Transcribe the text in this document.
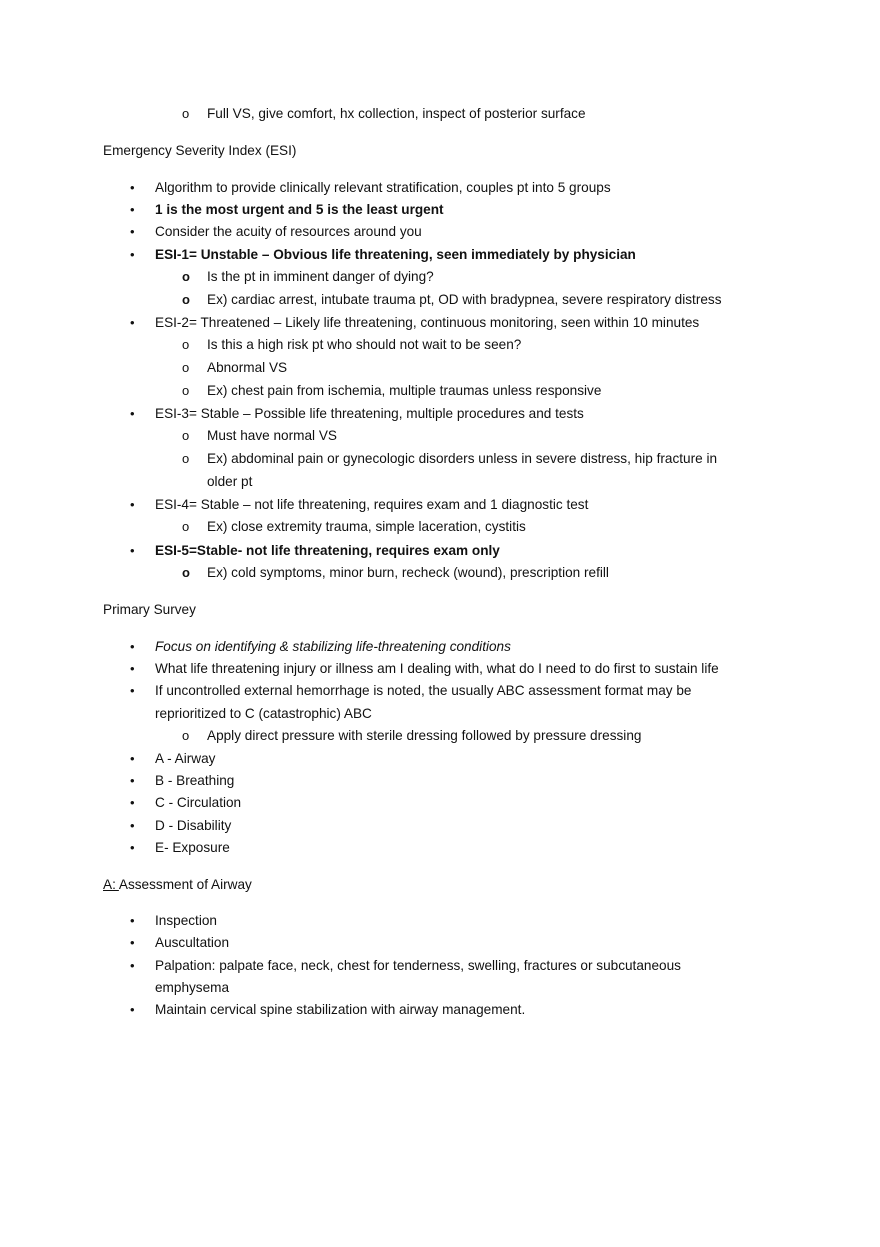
o Full VS, give comfort, hx collection, inspect of posterior surface
Emergency Severity Index (ESI)
• Algorithm to provide clinically relevant stratification, couples pt into 5 groups
• 1 is the most urgent and 5 is the least urgent
• Consider the acuity of resources around you
• ESI-1= Unstable – Obvious life threatening, seen immediately by physician
o Is the pt in imminent danger of dying?
o Ex) cardiac arrest, intubate trauma pt, OD with bradypnea, severe respiratory distress
• ESI-2= Threatened – Likely life threatening, continuous monitoring, seen within 10 minutes
o Is this a high risk pt who should not wait to be seen?
o Abnormal VS
o Ex) chest pain from ischemia, multiple traumas unless responsive
• ESI-3= Stable – Possible life threatening, multiple procedures and tests
o Must have normal VS
o Ex) abdominal pain or gynecologic disorders unless in severe distress, hip fracture in
older pt
• ESI-4= Stable – not life threatening, requires exam and 1 diagnostic test
o Ex) close extremity trauma, simple laceration, cystitis
• ESI-5=Stable- not life threatening, requires exam only
o Ex) cold symptoms, minor burn, recheck (wound), prescription refill
Primary Survey
• Focus on identifying & stabilizing life-threatening conditions
• What life threatening injury or illness am I dealing with, what do I need to do first to sustain life
• If uncontrolled external hemorrhage is noted, the usually ABC assessment format may be
reprioritized to C (catastrophic) ABC
o Apply direct pressure with sterile dressing followed by pressure dressing
• A - Airway
• B - Breathing
• C - Circulation
• D - Disability
• E- Exposure
A: Assessment of Airway
• Inspection
• Auscultation
• Palpation: palpate face, neck, chest for tenderness, swelling, fractures or subcutaneous
emphysema
• Maintain cervical spine stabilization with airway management.
